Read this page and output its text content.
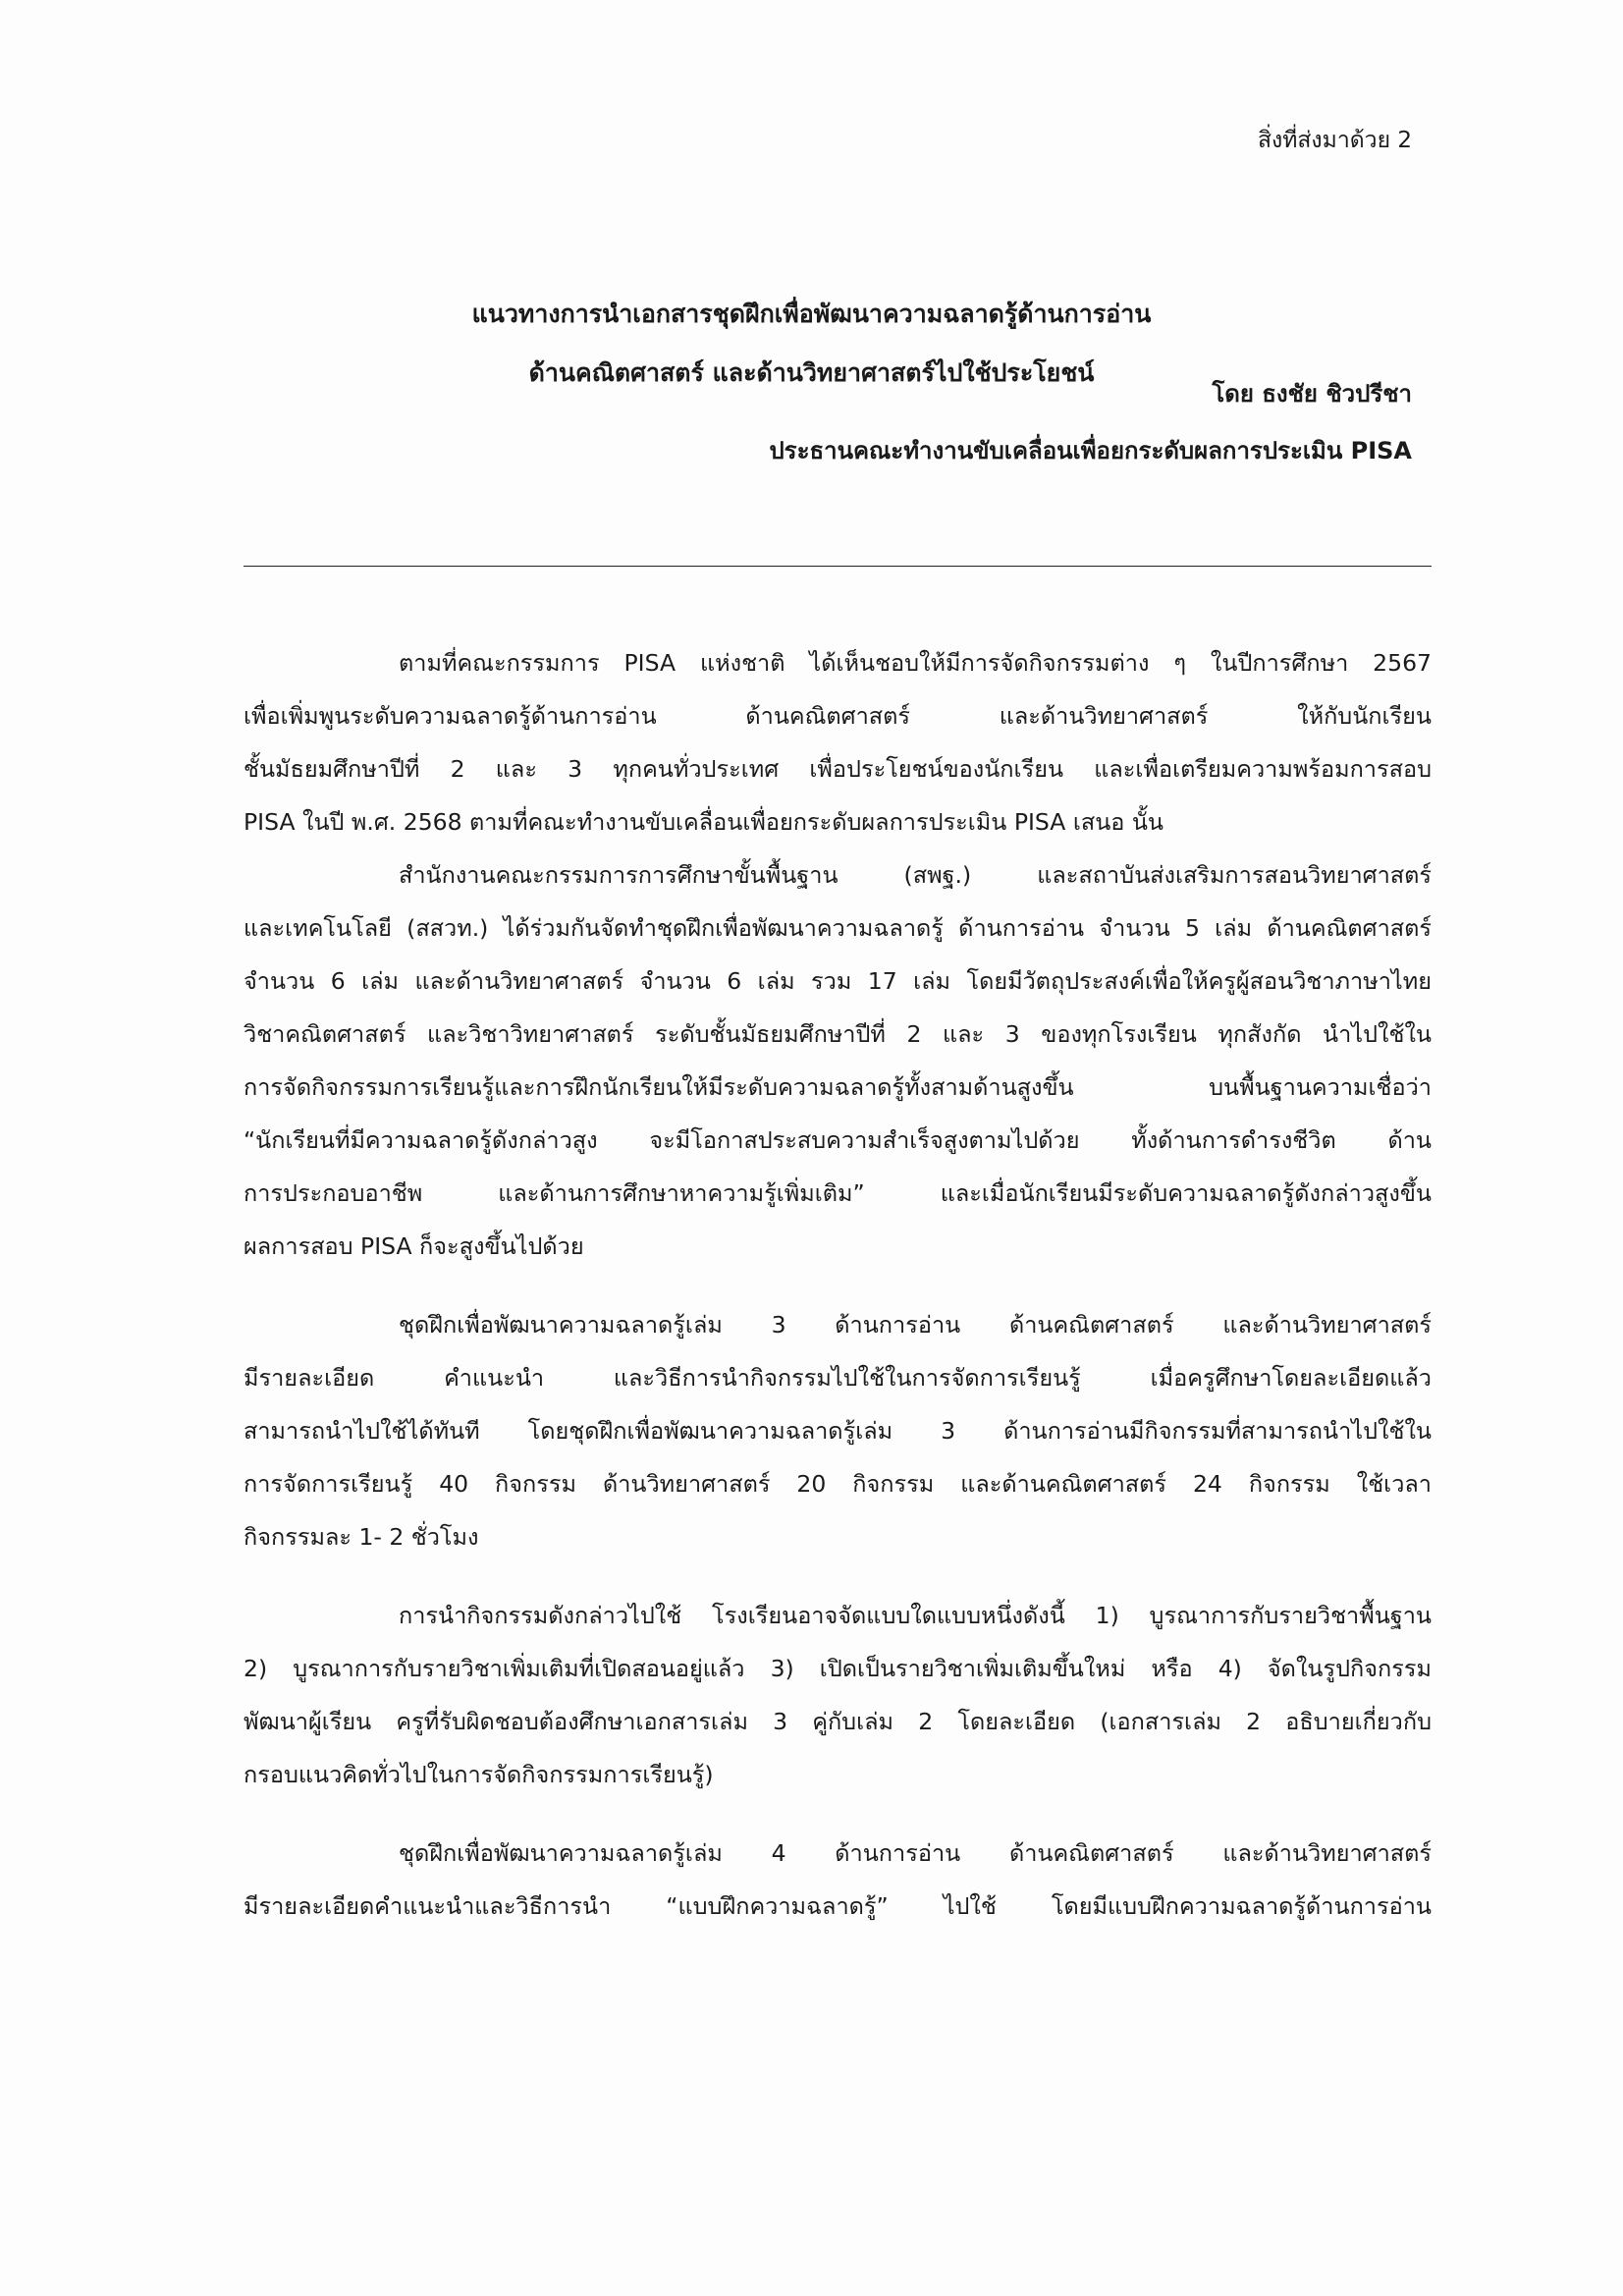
สิ่งที่ส่งมาด้วย 2
แนวทางการนำเอกสารชุดฝึกเพื่อพัฒนาความฉลาดรู้ด้านการอ่าน
ด้านคณิตศาสตร์ และด้านวิทยาศาสตร์ไปใช้ประโยชน์
โดย ธงชัย ชิวปรีชา
ประธานคณะทำงานขับเคลื่อนเพื่อยกระดับผลการประเมิน PISA
ตามที่คณะกรรมการ PISA แห่งชาติ ได้เห็นชอบให้มีการจัดกิจกรรมต่าง ๆ ในปีการศึกษา 2567
เพื่อเพิ่มพูนระดับความฉลาดรู้ด้านการอ่าน ด้านคณิตศาสตร์ และด้านวิทยาศาสตร์ ให้กับนักเรียน
ชั้นมัธยมศึกษาปีที่ 2 และ 3 ทุกคนทั่วประเทศ เพื่อประโยชน์ของนักเรียน และเพื่อเตรียมความพร้อมการสอบ
PISA ในปี พ.ศ. 2568 ตามที่คณะทำงานขับเคลื่อนเพื่อยกระดับผลการประเมิน PISA เสนอ นั้น
สำนักงานคณะกรรมการการศึกษาขั้นพื้นฐาน (สพฐ.) และสถาบันส่งเสริมการสอนวิทยาศาสตร์
และเทคโนโลยี (สสวท.) ได้ร่วมกันจัดทำชุดฝึกเพื่อพัฒนาความฉลาดรู้ ด้านการอ่าน จำนวน 5 เล่ม ด้านคณิตศาสตร์
จำนวน 6 เล่ม และด้านวิทยาศาสตร์ จำนวน 6 เล่ม รวม 17 เล่ม โดยมีวัตถุประสงค์เพื่อให้ครูผู้สอนวิชาภาษาไทย
วิชาคณิตศาสตร์ และวิชาวิทยาศาสตร์ ระดับชั้นมัธยมศึกษาปีที่ 2 และ 3 ของทุกโรงเรียน ทุกสังกัด นำไปใช้ใน
การจัดกิจกรรมการเรียนรู้และการฝึกนักเรียนให้มีระดับความฉลาดรู้ทั้งสามด้านสูงขึ้น บนพื้นฐานความเชื่อว่า
“นักเรียนที่มีความฉลาดรู้ดังกล่าวสูง จะมีโอกาสประสบความสำเร็จสูงตามไปด้วย ทั้งด้านการดำรงชีวิต ด้าน
การประกอบอาชีพ และด้านการศึกษาหาความรู้เพิ่มเติม” และเมื่อนักเรียนมีระดับความฉลาดรู้ดังกล่าวสูงขึ้น
ผลการสอบ PISA ก็จะสูงขึ้นไปด้วย
ชุดฝึกเพื่อพัฒนาความฉลาดรู้เล่ม 3 ด้านการอ่าน ด้านคณิตศาสตร์ และด้านวิทยาศาสตร์
มีรายละเอียด คำแนะนำ และวิธีการนำกิจกรรมไปใช้ในการจัดการเรียนรู้ เมื่อครูศึกษาโดยละเอียดแล้ว
สามารถนำไปใช้ได้ทันที โดยชุดฝึกเพื่อพัฒนาความฉลาดรู้เล่ม 3 ด้านการอ่านมีกิจกรรมที่สามารถนำไปใช้ใน
การจัดการเรียนรู้ 40 กิจกรรม ด้านวิทยาศาสตร์ 20 กิจกรรม และด้านคณิตศาสตร์ 24 กิจกรรม ใช้เวลา
กิจกรรมละ 1- 2 ชั่วโมง
การนำกิจกรรมดังกล่าวไปใช้ โรงเรียนอาจจัดแบบใดแบบหนึ่งดังนี้ 1) บูรณาการกับรายวิชาพื้นฐาน
2) บูรณาการกับรายวิชาเพิ่มเติมที่เปิดสอนอยู่แล้ว 3) เปิดเป็นรายวิชาเพิ่มเติมขึ้นใหม่ หรือ 4) จัดในรูปกิจกรรม
พัฒนาผู้เรียน ครูที่รับผิดชอบต้องศึกษาเอกสารเล่ม 3 คู่กับเล่ม 2 โดยละเอียด (เอกสารเล่ม 2 อธิบายเกี่ยวกับ
กรอบแนวคิดทั่วไปในการจัดกิจกรรมการเรียนรู้)
ชุดฝึกเพื่อพัฒนาความฉลาดรู้เล่ม 4 ด้านการอ่าน ด้านคณิตศาสตร์ และด้านวิทยาศาสตร์
มีรายละเอียดคำแนะนำและวิธีการนำ “แบบฝึกความฉลาดรู้” ไปใช้ โดยมีแบบฝึกความฉลาดรู้ด้านการอ่าน
